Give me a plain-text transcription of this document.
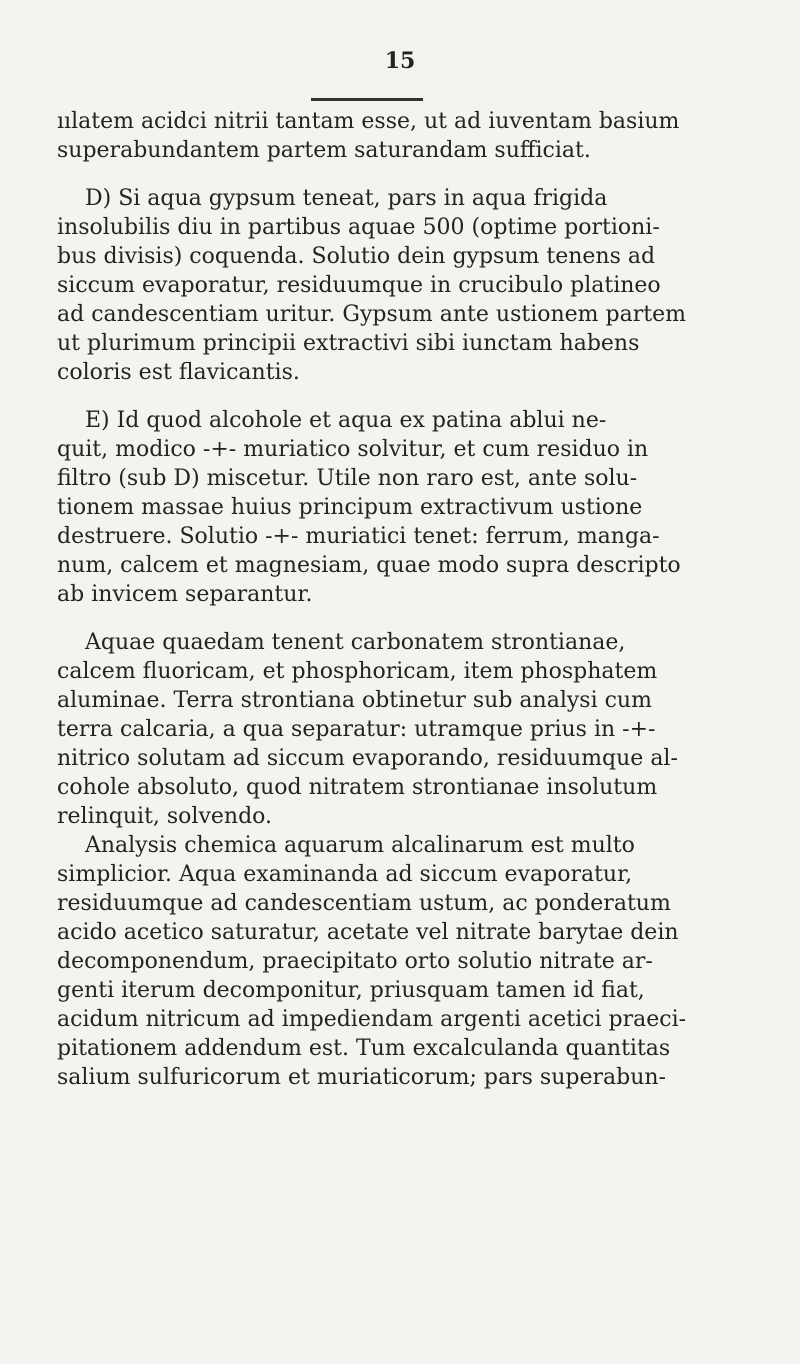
15
ıılatem acidci nitrii tantam esse, ut ad iuventam basium
superabundantem partem saturandam sufficiat.
D) Si aqua gypsum teneat, pars in aqua frigida
insolubilis diu in partibus aquae 500 (optime portioni-
bus divisis) coquenda. Solutio dein gypsum tenens ad
siccum evaporatur, residuumque in crucibulo platineo
ad candescentiam uritur. Gypsum ante ustionem partem
ut plurimum principii extractivi sibi iunctam habens
coloris est flavicantis.
E) Id quod alcohole et aqua ex patina ablui ne-
quit, modico -+- muriatico solvitur, et cum residuo in
filtro (sub D) miscetur. Utile non raro est, ante solu-
tionem massae huius principum extractivum ustione
destruere. Solutio -+- muriatici tenet: ferrum, manga-
num, calcem et magnesiam, quae modo supra descripto
ab invicem separantur.
Aquae quaedam tenent carbonatem strontianae,
calcem fluoricam, et phosphoricam, item phosphatem
aluminae. Terra strontiana obtinetur sub analysi cum
terra calcaria, a qua separatur: utramque prius in -+-
nitrico solutam ad siccum evaporando, residuumque al-
cohole absoluto, quod nitratem strontianae insolutum
relinquit, solvendo.
Analysis chemica aquarum alcalinarum est multo
simplicior. Aqua examinanda ad siccum evaporatur,
residuumque ad candescentiam ustum, ac ponderatum
acido acetico saturatur, acetate vel nitrate barytae dein
decomponendum, praecipitato orto solutio nitrate ar-
genti iterum decomponitur, priusquam tamen id fiat,
acidum nitricum ad impediendam argenti acetici praeci-
pitationem addendum est. Tum excalculanda quantitas
salium sulfuricorum et muriaticorum; pars superabun-
